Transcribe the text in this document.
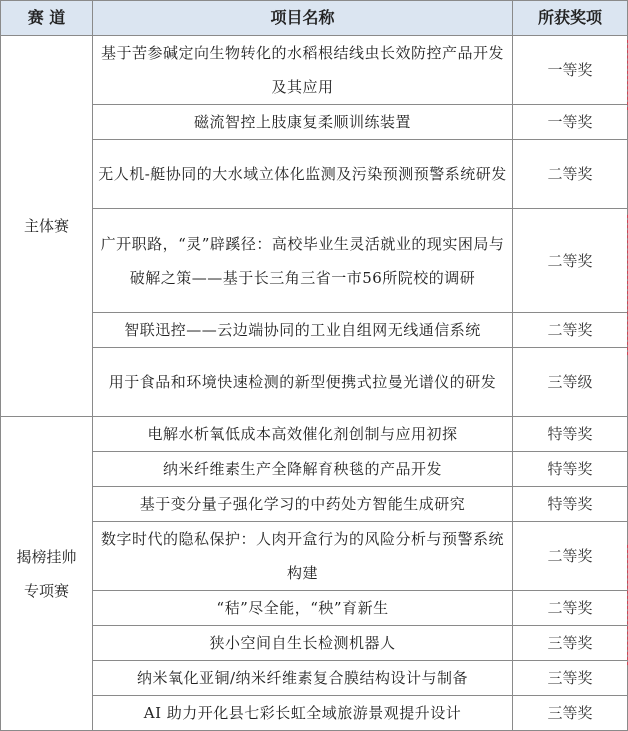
赛 道	项目名称	所获奖项
主体赛	基于苦参碱定向生物转化的水稻根结线虫长效防控产品开发及其应用	一等奖
	磁流智控上肢康复柔顺训练装置	一等奖
	无人机-艇协同的大水域立体化监测及污染预测预警系统研发	二等奖
	广开职路，“灵”辟蹊径：高校毕业生灵活就业的现实困局与破解之策——基于长三角三省一市56所院校的调研	二等奖
	智联迅控——云边端协同的工业自组网无线通信系统	二等奖
	用于食品和环境快速检测的新型便携式拉曼光谱仪的研发	三等级

揭榜挂帅专项赛	电解水析氧低成本高效催化剂创制与应用初探	特等奖
	纳米纤维素生产全降解育秧毯的产品开发	特等奖
	基于变分量子强化学习的中药处方智能生成研究	特等奖
	数字时代的隐私保护：人肉开盒行为的风险分析与预警系统构建	二等奖
	“秸”尽全能，“秧”育新生	二等奖
	狭小空间自生长检测机器人	三等奖
	纳米氧化亚铜/纳米纤维素复合膜结构设计与制备	三等奖
	AI 助力开化县七彩长虹全域旅游景观提升设计	三等奖
